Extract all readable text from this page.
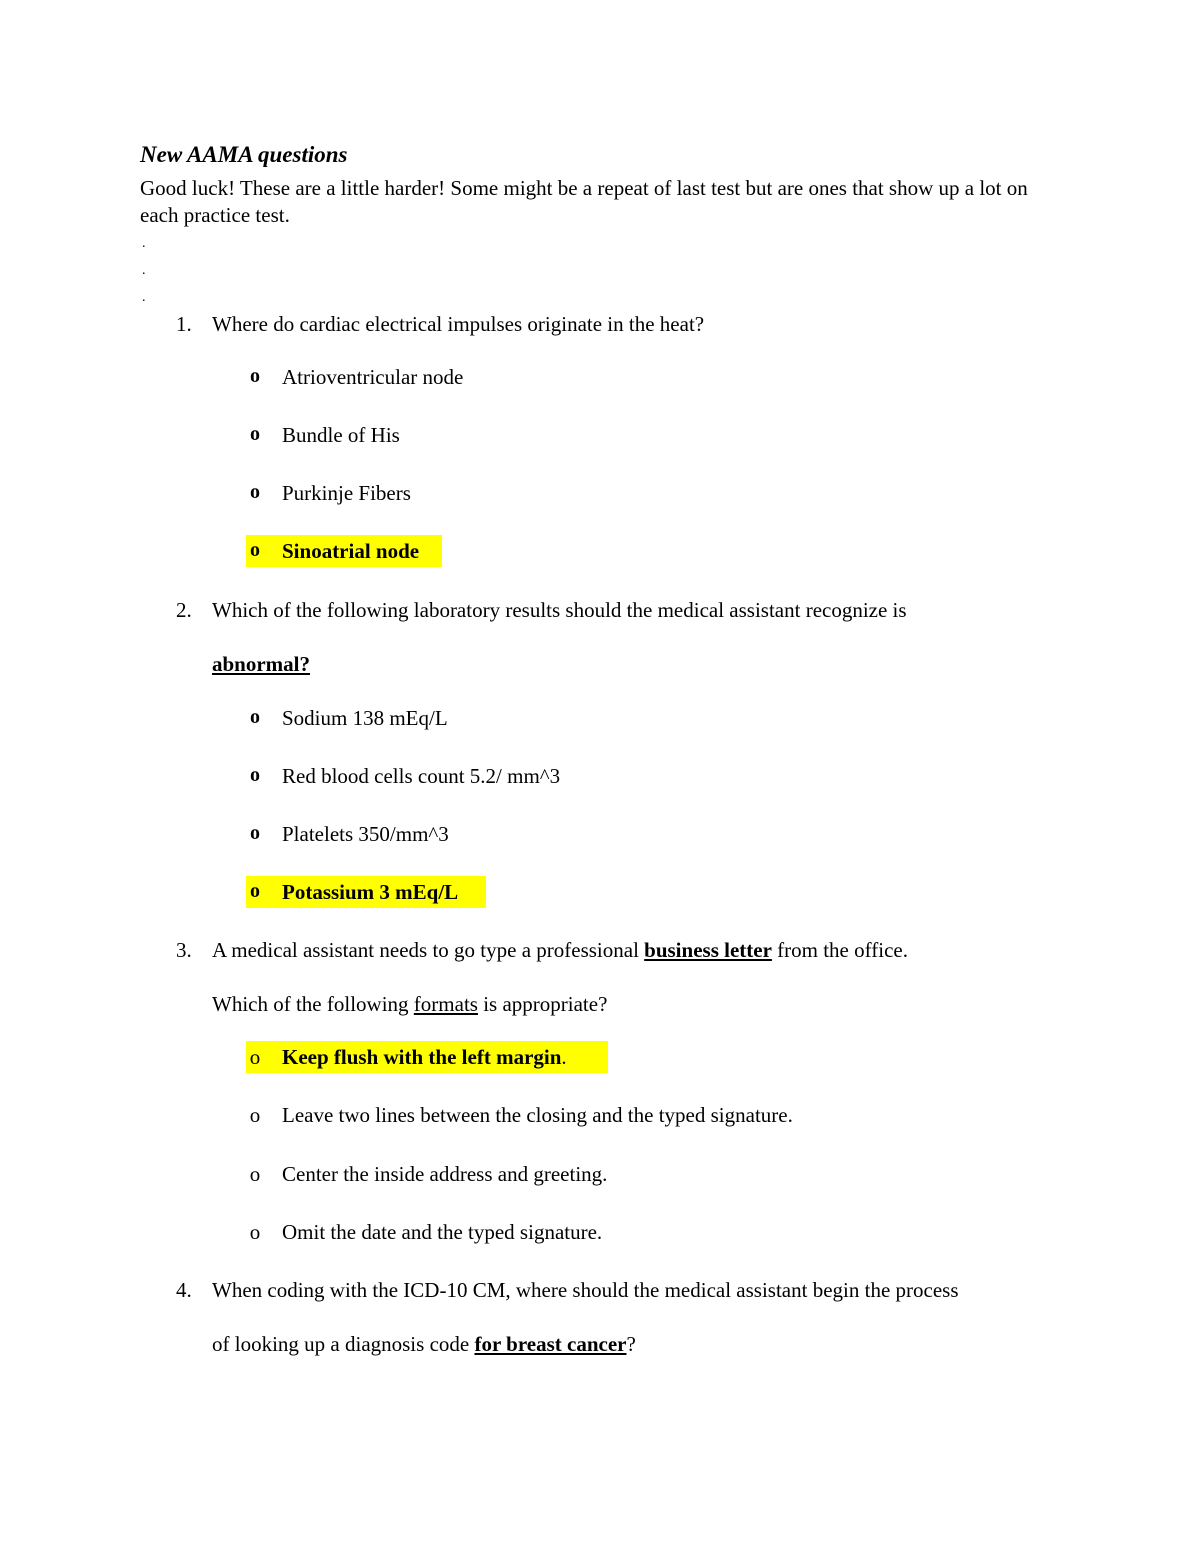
New AAMA questions

Good luck! These are a little harder! Some might be a repeat of last test but are ones that show up a lot on each practice test.

.
.
.
1. Where do cardiac electrical impulses originate in the heat?
o Atrioventricular node
o Bundle of His
o Purkinje Fibers
o Sinoatrial node
2. Which of the following laboratory results should the medical assistant recognize is
abnormal?
o Sodium 138 mEq/L
o Red blood cells count 5.2/ mm^3
o Platelets 350/mm^3
o Potassium 3 mEq/L
3. A medical assistant needs to go type a professional business letter from the office.
Which of the following formats is appropriate?
o Keep flush with the left margin.
o Leave two lines between the closing and the typed signature.
o Center the inside address and greeting.
o Omit the date and the typed signature.
4. When coding with the ICD-10 CM, where should the medical assistant begin the process
of looking up a diagnosis code for breast cancer?
